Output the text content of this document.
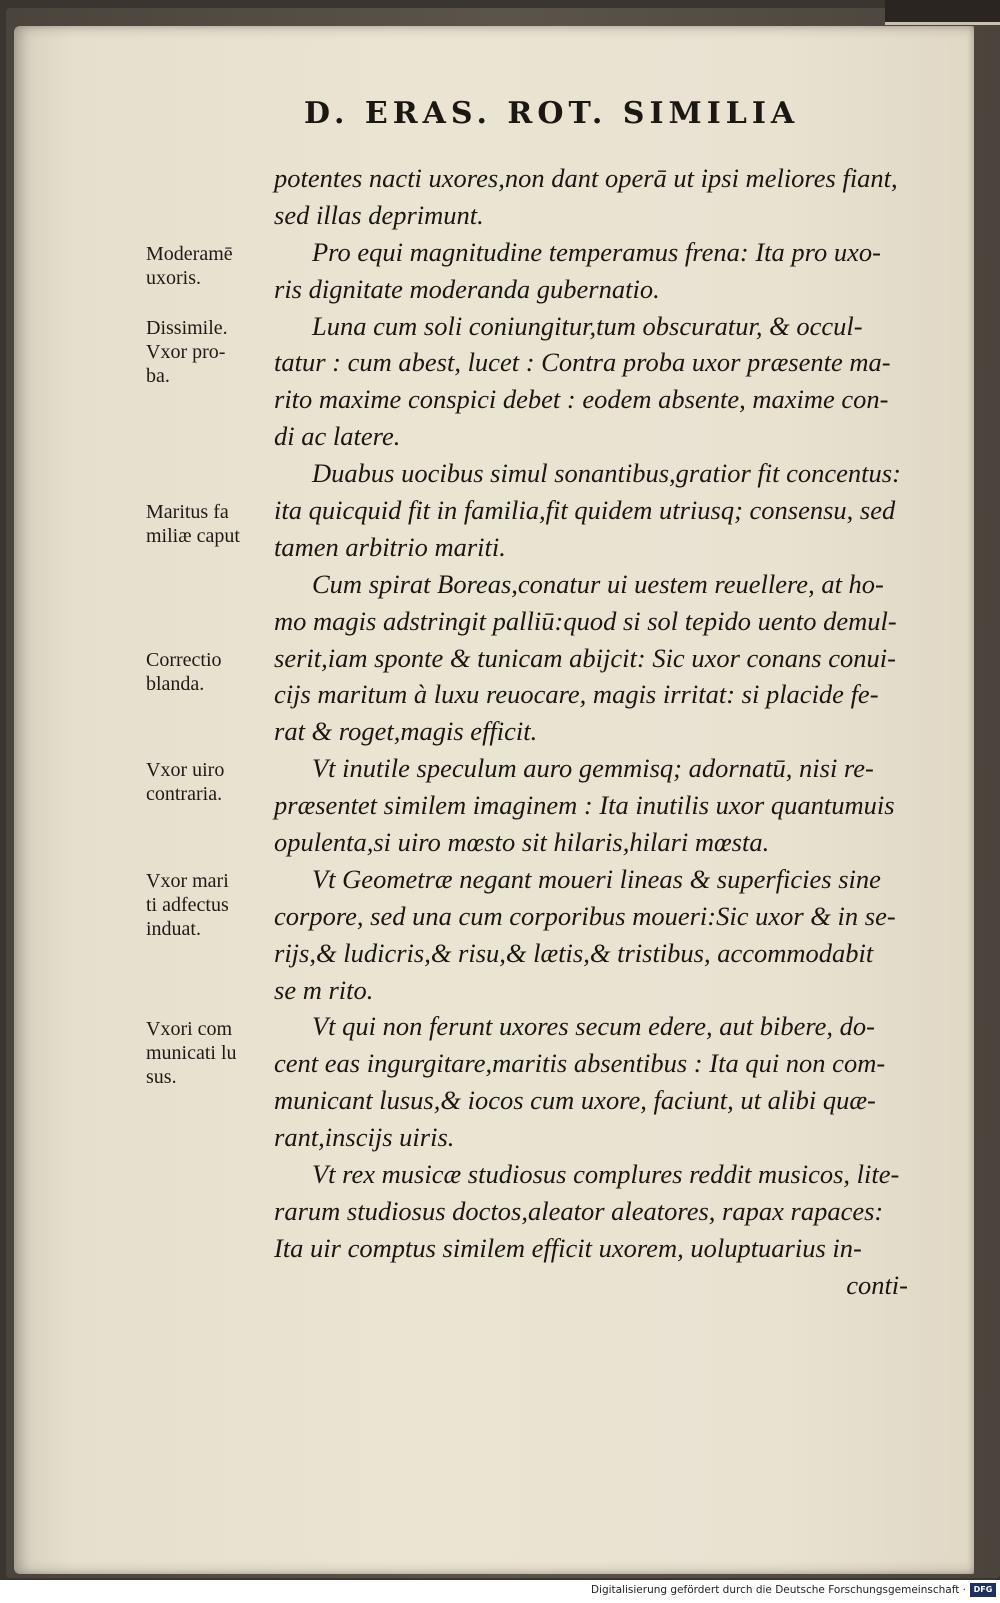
D. ERAS. ROT. SIMILIA
potentes nacti uxores,non dant operā ut ipsi meliores fiant,
sed illas deprimunt.
Pro equi magnitudine temperamus frena: Ita pro uxo-
ris dignitate moderanda gubernatio.
Luna cum soli coniungitur,tum obscuratur, & occul-
tatur : cum abest, lucet : Contra proba uxor præsente ma-
rito maxime conspici debet : eodem absente, maxime con-
di ac latere.
Duabus uocibus simul sonantibus,gratior fit concentus:
ita quicquid fit in familia,fit quidem utriusq; consensu, sed
tamen arbitrio mariti.
Cum spirat Boreas,conatur ui uestem reuellere, at ho-
mo magis adstringit palliū:quod si sol tepido uento demul-
serit,iam sponte & tunicam abijcit: Sic uxor conans conui-
cijs maritum à luxu reuocare, magis irritat: si placide fe-
rat & roget,magis efficit.
Vt inutile speculum auro gemmisq; adornatū, nisi re-
præsentet similem imaginem : Ita inutilis uxor quantumuis
opulenta,si uiro mœsto sit hilaris,hilari mœsta.
Vt Geometræ negant moueri lineas & superficies sine
corpore, sed una cum corporibus moueri:Sic uxor & in se-
rijs,& ludicris,& risu,& lætis,& tristibus, accommodabit
se m rito.
Vt qui non ferunt uxores secum edere, aut bibere, do-
cent eas ingurgitare,maritis absentibus : Ita qui non com-
municant lusus,& iocos cum uxore, faciunt, ut alibi quæ-
rant,inscijs uiris.
Vt rex musicæ studiosus complures reddit musicos, lite-
rarum studiosus doctos,aleator aleatores, rapax rapaces:
Ita uir comptus similem efficit uxorem, uoluptuarius in-
conti-
Moderamē
uxoris.
Dissimile.
Vxor pro-
ba.
Maritus fa
miliæ caput
Correctio
blanda.
Vxor uiro
contraria.
Vxor mari
ti adfectus
induat.
Vxori com
municati lu
sus.
Digitalisierung gefördert durch die Deutsche Forschungsgemeinschaft · DFG
